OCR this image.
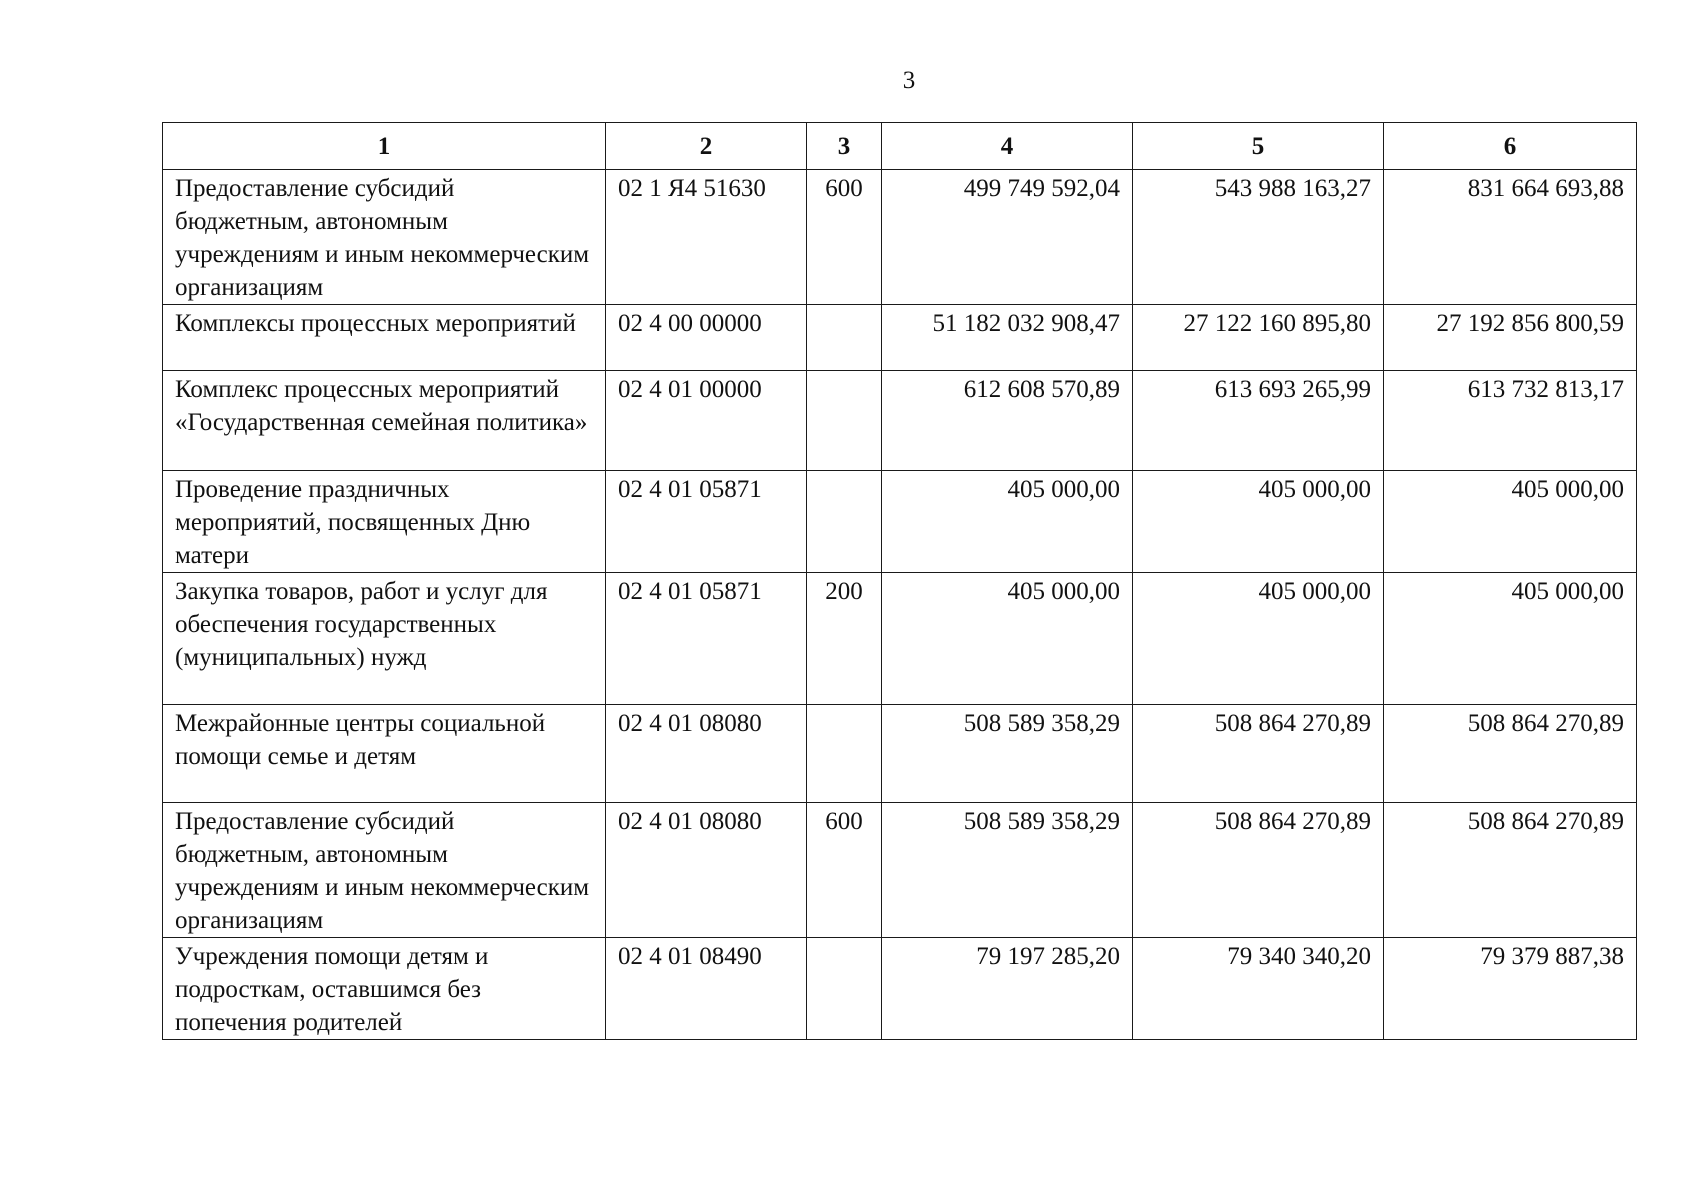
3
1	2	3	4	5	6
Предоставление субсидий бюджетным, автономным учреждениям и иным некоммерческим организациям	02 1 Я4 51630	600	499 749 592,04	543 988 163,27	831 664 693,88
Комплексы процессных мероприятий	02 4 00 00000		51 182 032 908,47	27 122 160 895,80	27 192 856 800,59
Комплекс процессных мероприятий «Государственная семейная политика»	02 4 01 00000		612 608 570,89	613 693 265,99	613 732 813,17
Проведение праздничных мероприятий, посвященных Дню матери	02 4 01 05871		405 000,00	405 000,00	405 000,00
Закупка товаров, работ и услуг для обеспечения государственных (муниципальных) нужд	02 4 01 05871	200	405 000,00	405 000,00	405 000,00
Межрайонные центры социальной помощи семье и детям	02 4 01 08080		508 589 358,29	508 864 270,89	508 864 270,89
Предоставление субсидий бюджетным, автономным учреждениям и иным некоммерческим организациям	02 4 01 08080	600	508 589 358,29	508 864 270,89	508 864 270,89
Учреждения помощи детям и подросткам, оставшимся без попечения родителей	02 4 01 08490		79 197 285,20	79 340 340,20	79 379 887,38
